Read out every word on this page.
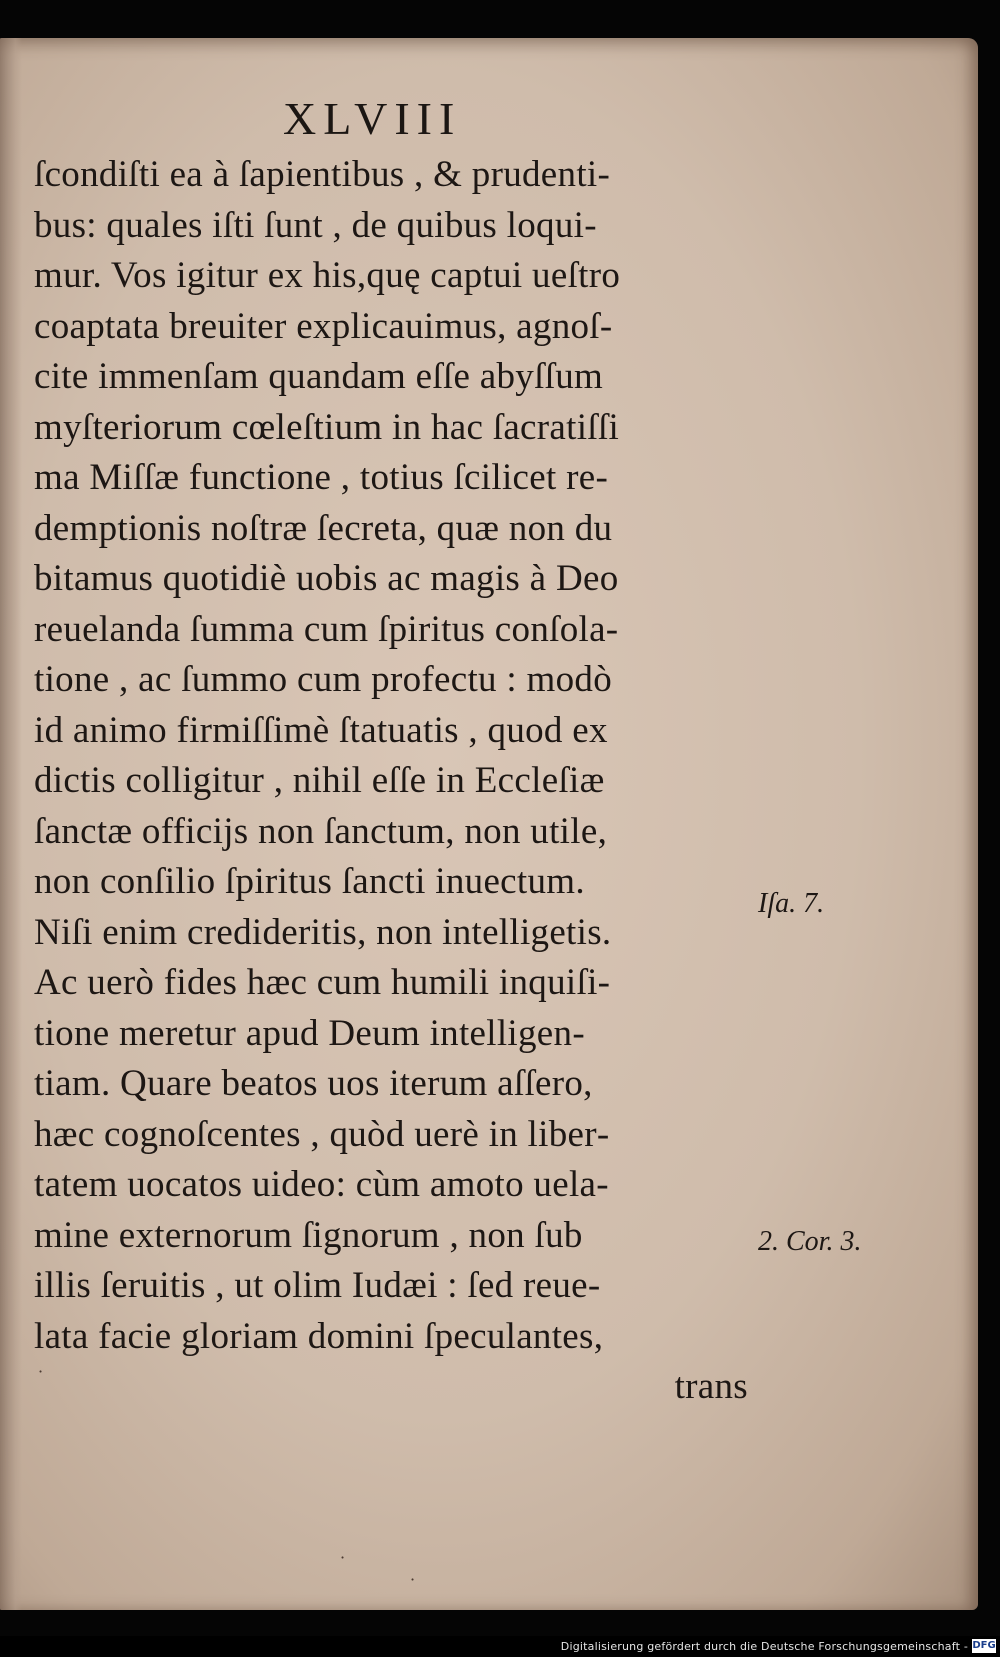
XLVIII
ſcondiſti ea à ſapientibus , & prudenti‐
bus: quales iſti ſunt , de quibus loqui‐
mur. Vos igitur ex his,quę captui ueſtro
coaptata breuiter explicauimus, agnoſ‐
cite immenſam quandam eſſe abyſſum
myſteriorum cœleſtium in hac ſacratiſſi
ma Miſſæ functione , totius ſcilicet re‐
demptionis noſtræ ſecreta, quæ non du
bitamus quotidiè uobis ac magis à Deo
reuelanda ſumma cum ſpiritus conſola‐
tione , ac ſummo cum profectu : modò
id animo firmiſſimè ſtatuatis , quod ex
dictis colligitur , nihil eſſe in Eccleſiæ
ſanctæ officijs non ſanctum, non utile,
non conſilio ſpiritus ſancti inuectum.
Niſi enim credideritis, non intelligetis.
Ac uerò fides hæc cum humili inquiſi‐
tione meretur apud Deum intelligen‐
tiam. Quare beatos uos iterum aſſero,
hæc cognoſcentes , quòd uerè in liber‐
tatem uocatos uideo: cùm amoto uela‐
mine externorum ſignorum , non ſub
illis ſeruitis , ut olim Iudæi : ſed reue‐
lata facie gloriam domini ſpeculantes,
trans
Iſa. 7.
2. Cor. 3.
·
·
·
Digitalisierung gefördert durch die Deutsche Forschungsgemeinschaft - DFG
